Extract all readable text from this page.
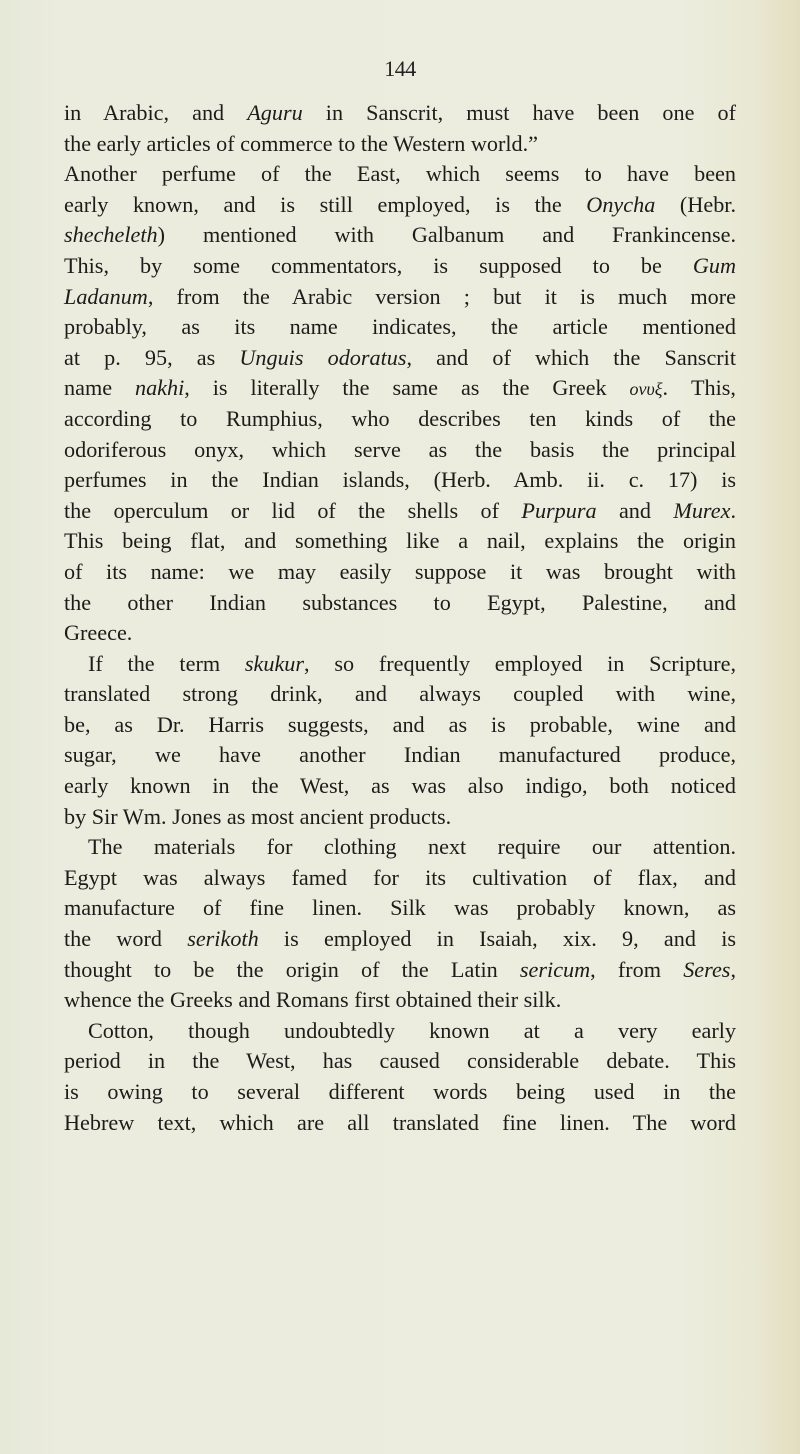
144
in Arabic, and Aguru in Sanscrit, must have been one of
the early articles of commerce to the Western world.”
Another perfume of the East, which seems to have been
early known, and is still employed, is the Onycha (Hebr.
shecheleth) mentioned with Galbanum and Frankincense.
This, by some commentators, is supposed to be Gum
Ladanum, from the Arabic version ; but it is much more
probably, as its name indicates, the article mentioned
at p. 95, as Unguis odoratus, and of which the Sanscrit
name nakhi, is literally the same as the Greek ονυξ. This,
according to Rumphius, who describes ten kinds of the
odoriferous onyx, which serve as the basis the principal
perfumes in the Indian islands, (Herb. Amb. ii. c. 17) is
the operculum or lid of the shells of Purpura and Murex.
This being flat, and something like a nail, explains the origin
of its name: we may easily suppose it was brought with
the other Indian substances to Egypt, Palestine, and
Greece.
If the term skukur, so frequently employed in Scripture,
translated strong drink, and always coupled with wine,
be, as Dr. Harris suggests, and as is probable, wine and
sugar, we have another Indian manufactured produce,
early known in the West, as was also indigo, both noticed
by Sir Wm. Jones as most ancient products.
The materials for clothing next require our attention.
Egypt was always famed for its cultivation of flax, and
manufacture of fine linen. Silk was probably known, as
the word serikoth is employed in Isaiah, xix. 9, and is
thought to be the origin of the Latin sericum, from Seres,
whence the Greeks and Romans first obtained their silk.
Cotton, though undoubtedly known at a very early
period in the West, has caused considerable debate. This
is owing to several different words being used in the
Hebrew text, which are all translated fine linen. The word
